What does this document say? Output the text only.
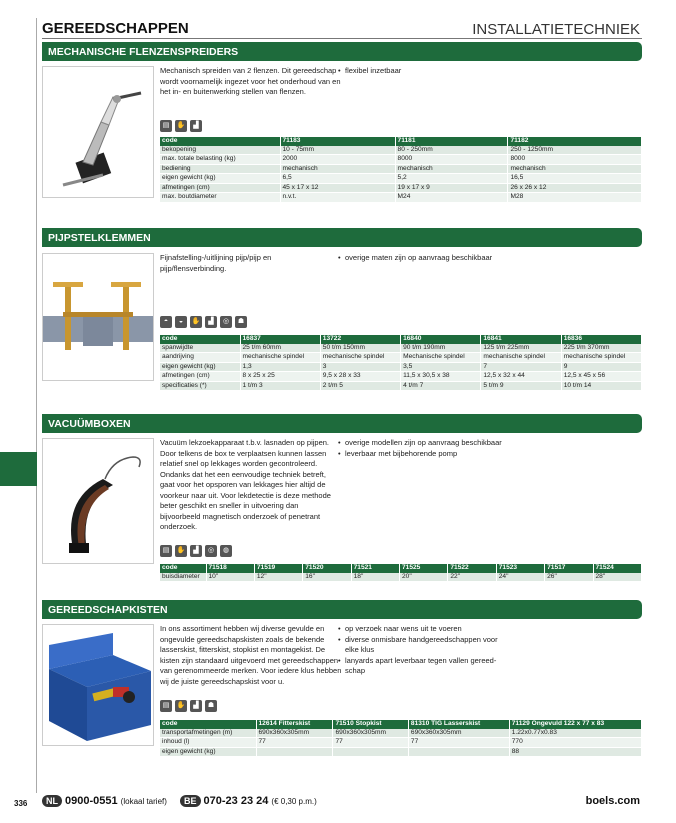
GEREEDSCHAPPEN	INSTALLATIETECHNIEK
MECHANISCHE FLENZENSPREIDERS
Mechanisch spreiden van 2 flenzen. Dit gereedschap
wordt voornamelijk ingezet voor het onderhoud van en
het in- en buitenwerking stellen van flenzen.
• flexibel inzetbaar
▤	✋	▟
code	71183	71181	71182
bekopening	10 - 75mm	80 - 250mm	250 - 1250mm
max. totale belasting (kg)	2000	8000	8000
bediening	mechanisch	mechanisch	mechanisch
eigen gewicht (kg)	6,5	5,2	16,5
afmetingen (cm)	45 x 17 x 12	19 x 17 x 9	26 x 26 x 12
max. boutdiameter	n.v.t.	M24	M28
PIJPSTELKLEMMEN
Fijnafstelling-/uitlijning pijp/pijp en
pijp/flensverbinding.
• overige maten zijn op aanvraag beschikbaar
◓	◒	✋	▟	◎	☗
code	16837	13722	16840	16841	16836
spanwijdte	25 t/m 60mm	50 t/m 150mm	90 t/m 190mm	125 t/m 225mm	225 t/m 370mm
aandrijving	mechanische spindel	mechanische spindel	Mechanische spindel	mechanische spindel	mechanische spindel
eigen gewicht (kg)	1,3	3	3,5	7	9
afmetingen (cm)	8 x 25 x 25	9,5 x 28 x 33	11,5 x 30,5 x 38	12,5 x 32 x 44	12,5 x 45 x 56
specificaties (*)	1 t/m 3	2 t/m 5	4 t/m 7	5 t/m 9	10 t/m 14
VACUÜMBOXEN
Vacuüm lekzoekapparaat t.b.v. lasnaden op pijpen.
Door telkens de box te verplaatsen kunnen lassen
relatief snel op lekkages worden gecontroleerd.
Ondanks dat het een eenvoudige techniek betreft,
gaat voor het opsporen van lekkages hier altijd de
voorkeur naar uit. Voor lekdetectie is deze methode
beter geschikt en sneller in uitvoering dan
bijvoorbeeld magnetisch onderzoek of penetrant
onderzoek.
• overige modellen zijn op aanvraag beschikbaar
• leverbaar met bijbehorende pomp
▤	✋	▟	◎	◍
code	71518	71519	71520	71521	71525	71522	71523	71517	71524
buisdiameter	10"	12"	16"	18"	20"	22"	24"	26"	28"
GEREEDSCHAPKISTEN
In ons assortiment hebben wij diverse gevulde en
ongevulde gereedschapskisten zoals de bekende
lasserskist, fitterskist, stopkist en montagekist. De
kisten zijn standaard uitgevoerd met gereedschappen
van gerenommeerde merken. Voor iedere klus hebben
wij de juiste gereedschapskist voor u.
• op verzoek naar wens uit te voeren
• diverse onmisbare handgereedschappen voor elke klus
• lanyards apart leverbaar tegen vallen gereed-schap
▤	✋	▟	☗
code	12614 Fitterskist	71510 Stopkist	81310 TIG Lasserskist	71129 Ongevuld 122 x 77 x 83
transportafmetingen (m)	690x360x305mm	690x360x305mm	690x360x305mm	1.22x0.77x0.83
inhoud (l)	77	77	77	770
eigen gewicht (kg)				88
336	NL 0900-0551 (lokaal tarief)	BE 070-23 23 24 (€ 0,30 p.m.)	boels.com
